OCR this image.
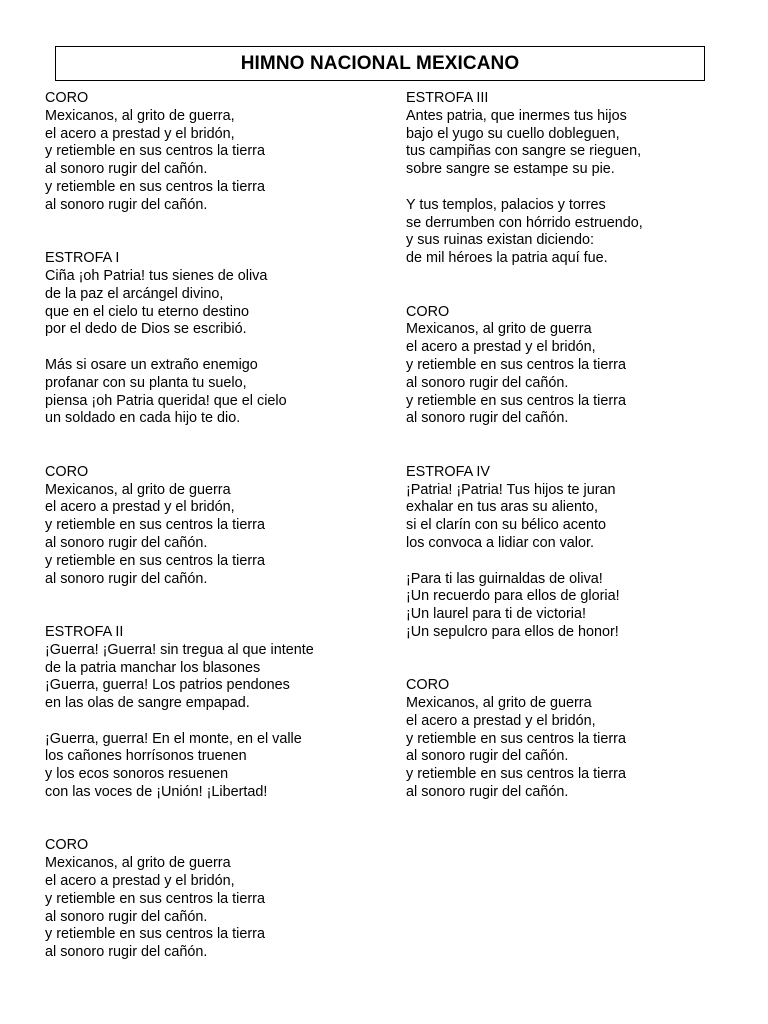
HIMNO NACIONAL MEXICANO
CORO
Mexicanos, al grito de guerra,
el acero a prestad y el bridón,
y retiemble en sus centros la tierra
al sonoro rugir del cañón.
y retiemble en sus centros la tierra
al sonoro rugir del cañón.
ESTROFA I
Ciña ¡oh Patria! tus sienes de oliva
de la paz el arcángel divino,
que en el cielo tu eterno destino
por el dedo de Dios se escribió.
Más si osare un extraño enemigo
profanar con su planta tu suelo,
piensa ¡oh Patria querida! que el cielo
un soldado en cada hijo te dio.
CORO
Mexicanos, al grito de guerra
el acero a prestad y el bridón,
y retiemble en sus centros la tierra
al sonoro rugir del cañón.
y retiemble en sus centros la tierra
al sonoro rugir del cañón.
ESTROFA II
¡Guerra! ¡Guerra! sin tregua al que intente
de la patria manchar los blasones
¡Guerra, guerra! Los patrios pendones
en las olas de sangre empapad.
¡Guerra, guerra! En el monte, en el valle
los cañones horrísonos truenen
y los ecos sonoros resuenen
con las voces de ¡Unión! ¡Libertad!
CORO
Mexicanos, al grito de guerra
el acero a prestad y el bridón,
y retiemble en sus centros la tierra
al sonoro rugir del cañón.
y retiemble en sus centros la tierra
al sonoro rugir del cañón.
ESTROFA III
Antes patria, que inermes tus hijos
bajo el yugo su cuello dobleguen,
tus campiñas con sangre se rieguen,
sobre sangre se estampe su pie.
Y tus templos, palacios y torres
se derrumben con hórrido estruendo,
y sus ruinas existan diciendo:
de mil héroes la patria aquí fue.
CORO
Mexicanos, al grito de guerra
el acero a prestad y el bridón,
y retiemble en sus centros la tierra
al sonoro rugir del cañón.
y retiemble en sus centros la tierra
al sonoro rugir del cañón.
ESTROFA IV
¡Patria! ¡Patria! Tus hijos te juran
exhalar en tus aras su aliento,
si el clarín con su bélico acento
los convoca a lidiar con valor.
¡Para ti las guirnaldas de oliva!
¡Un recuerdo para ellos de gloria!
¡Un laurel para ti de victoria!
¡Un sepulcro para ellos de honor!
CORO
Mexicanos, al grito de guerra
el acero a prestad y el bridón,
y retiemble en sus centros la tierra
al sonoro rugir del cañón.
y retiemble en sus centros la tierra
al sonoro rugir del cañón.
